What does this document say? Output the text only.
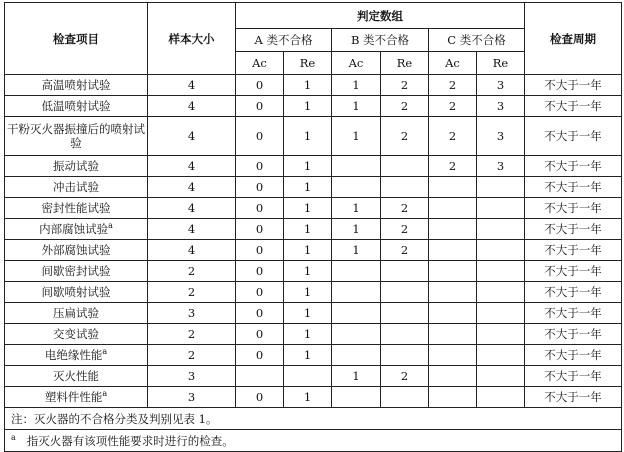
检查项目	样本大小	判定数组						检查周期
		A 类不合格		B 类不合格		C 类不合格		
		Ac	Re	Ac	Re	Ac	Re	
高温喷射试验	4	0	1	1	2	2	3	不大于一年
低温喷射试验	4	0	1	1	2	2	3	不大于一年
干粉灭火器振撞后的喷射试验	4	0	1	1	2	2	3	不大于一年
振动试验	4	0	1			2	3	不大于一年
冲击试验	4	0	1					不大于一年
密封性能试验	4	0	1	1	2			不大于一年
内部腐蚀试验$^a$	4	0	1	1	2			不大于一年
外部腐蚀试验	4	0	1	1	2			不大于一年
间歇密封试验	2	0	1					不大于一年
间歇喷射试验	2	0	1					不大于一年
压扁试验	3	0	1					不大于一年
交变试验	2	0	1					不大于一年
电绝缘性能$^a$	2	0	1					不大于一年
灭火性能	3			1	2			不大于一年
塑料件性能$^a$	3	0	1					不大于一年
注：灭火器的不合格分类及判别见表 1。								
$^a$ 指灭火器有该项性能要求时进行的检查。								
